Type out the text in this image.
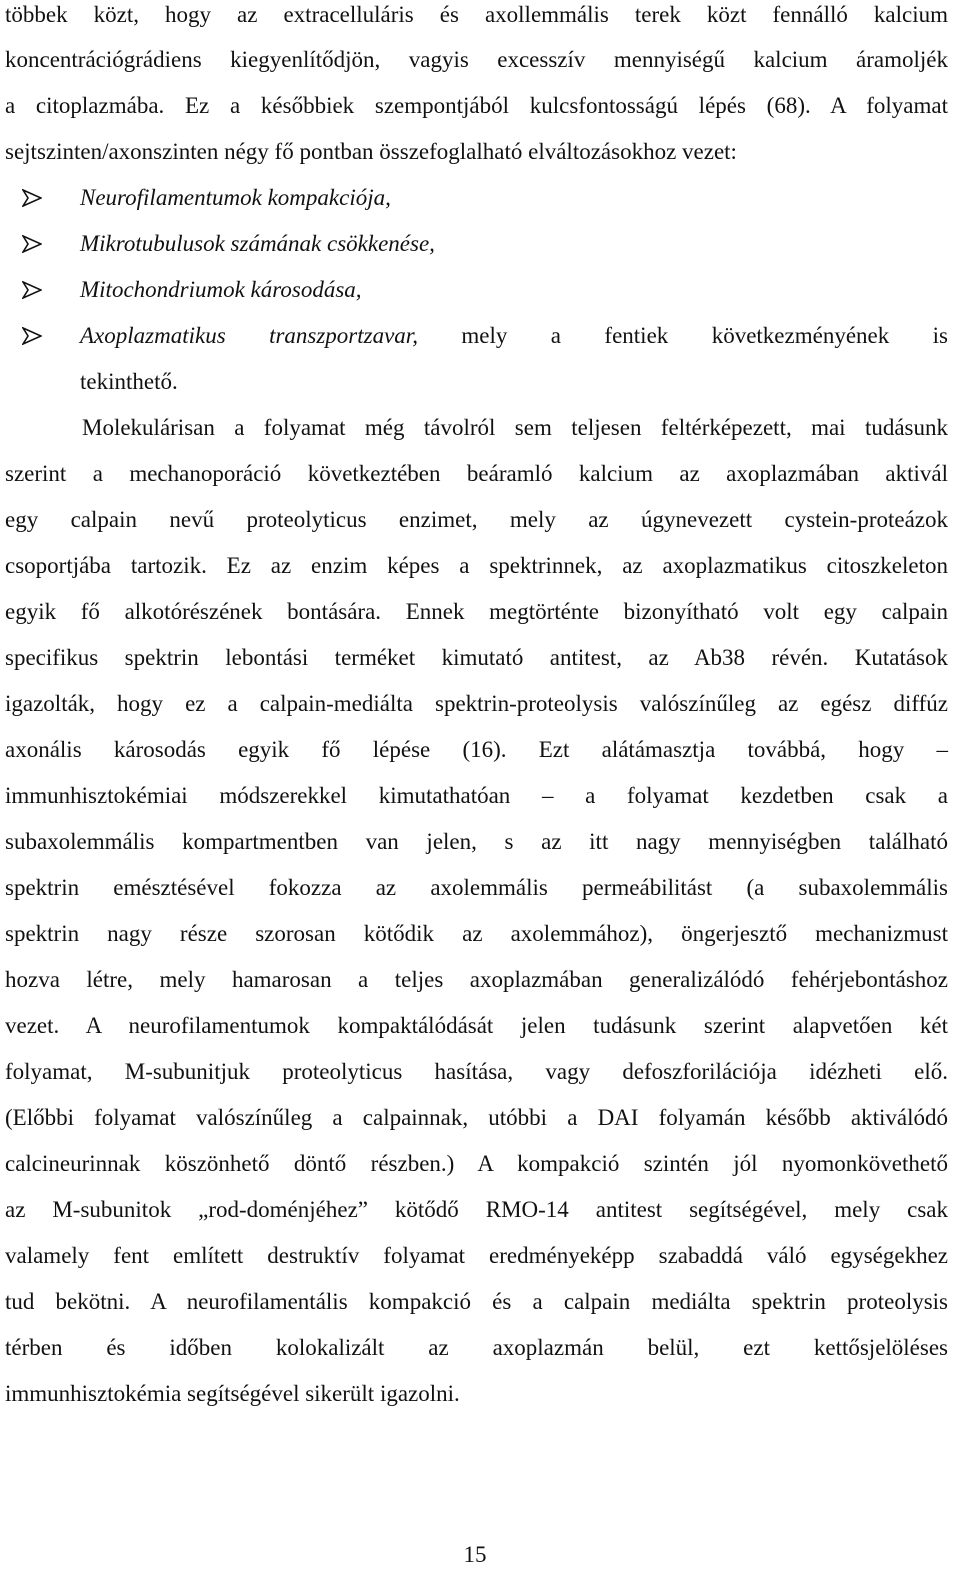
többek közt, hogy az extracelluláris és axollemmális terek közt fennálló kalcium
koncentrációgrádiens kiegyenlítődjön, vagyis excesszív mennyiségű kalcium áramoljék
a citoplazmába. Ez a későbbiek szempontjából kulcsfontosságú lépés (68). A folyamat
sejtszinten/axonszinten négy fő pontban összefoglalható elváltozásokhoz vezet:
Neurofilamentumok kompakciója,
Mikrotubulusok számának csökkenése,
Mitochondriumok károsodása,
Axoplazmatikus transzportzavar, mely a fentiek következményének is
tekinthető.
Molekulárisan a folyamat még távolról sem teljesen feltérképezett, mai tudásunk
szerint a mechanoporáció következtében beáramló kalcium az axoplazmában aktivál
egy calpain nevű proteolyticus enzimet, mely az úgynevezett cystein-proteázok
csoportjába tartozik. Ez az enzim képes a spektrinnek, az axoplazmatikus citoszkeleton
egyik fő alkotórészének bontására. Ennek megtörténte bizonyítható volt egy calpain
specifikus spektrin lebontási terméket kimutató antitest, az Ab38 révén. Kutatások
igazolták, hogy ez a calpain-mediálta spektrin-proteolysis valószínűleg az egész diffúz
axonális károsodás egyik fő lépése (16). Ezt alátámasztja továbbá, hogy –
immunhisztokémiai módszerekkel kimutathatóan – a folyamat kezdetben csak a
subaxolemmális kompartmentben van jelen, s az itt nagy mennyiségben található
spektrin emésztésével fokozza az axolemmális permeábilitást (a subaxolemmális
spektrin nagy része szorosan kötődik az axolemmához), öngerjesztő mechanizmust
hozva létre, mely hamarosan a teljes axoplazmában generalizálódó fehérjebontáshoz
vezet. A neurofilamentumok kompaktálódását jelen tudásunk szerint alapvetően két
folyamat, M-subunitjuk proteolyticus hasítása, vagy defoszforilációja idézheti elő.
(Előbbi folyamat valószínűleg a calpainnak, utóbbi a DAI folyamán később aktiválódó
calcineurinnak köszönhető döntő részben.) A kompakció szintén jól nyomonkövethető
az M-subunitok „rod-doménjéhez” kötődő RMO-14 antitest segítségével, mely csak
valamely fent említett destruktív folyamat eredményeképp szabaddá váló egységekhez
tud bekötni. A neurofilamentális kompakció és a calpain mediálta spektrin proteolysis
térben és időben kolokalizált az axoplazmán belül, ezt kettősjelöléses
immunhisztokémia segítségével sikerült igazolni.
15
